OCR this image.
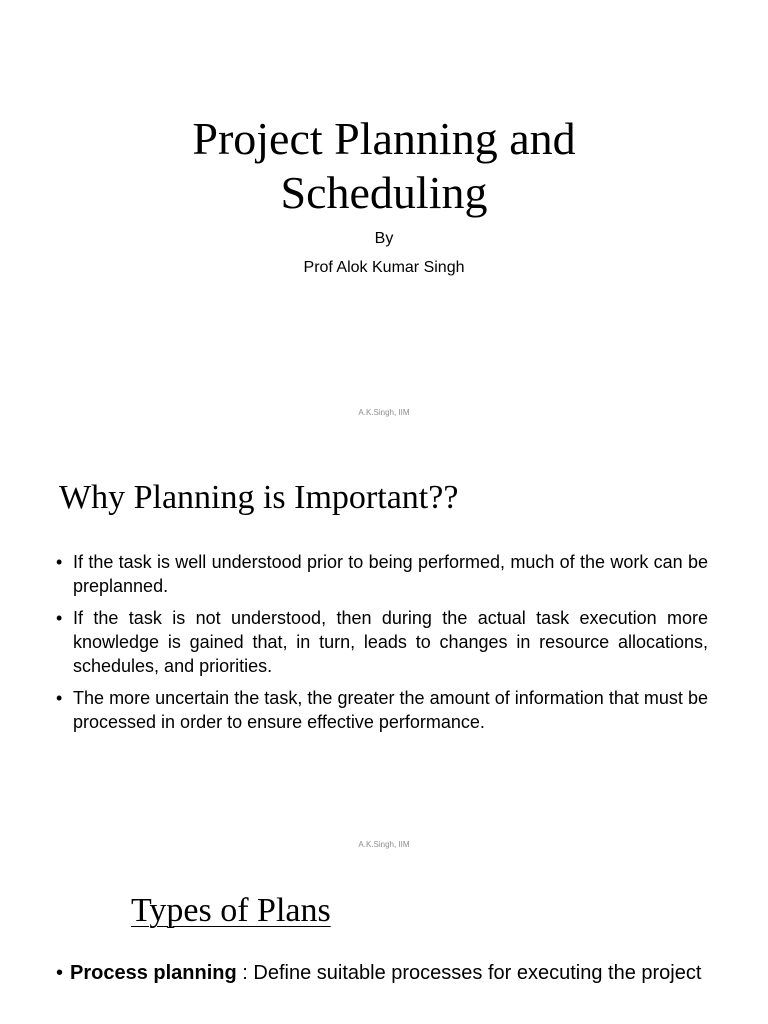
Project Planning and
Scheduling
By
Prof Alok Kumar Singh
A.K.Singh, IIM
Why Planning is Important??
• If the task is well understood prior to being performed, much of the work can be preplanned.
• If the task is not understood, then during the actual task execution more knowledge is gained that, in turn, leads to changes in resource allocations, schedules, and priorities.
• The more uncertain the task, the greater the amount of information that must be processed in order to ensure effective performance.
A.K.Singh, IIM
Types of Plans
• Process planning : Define suitable processes for executing the project
